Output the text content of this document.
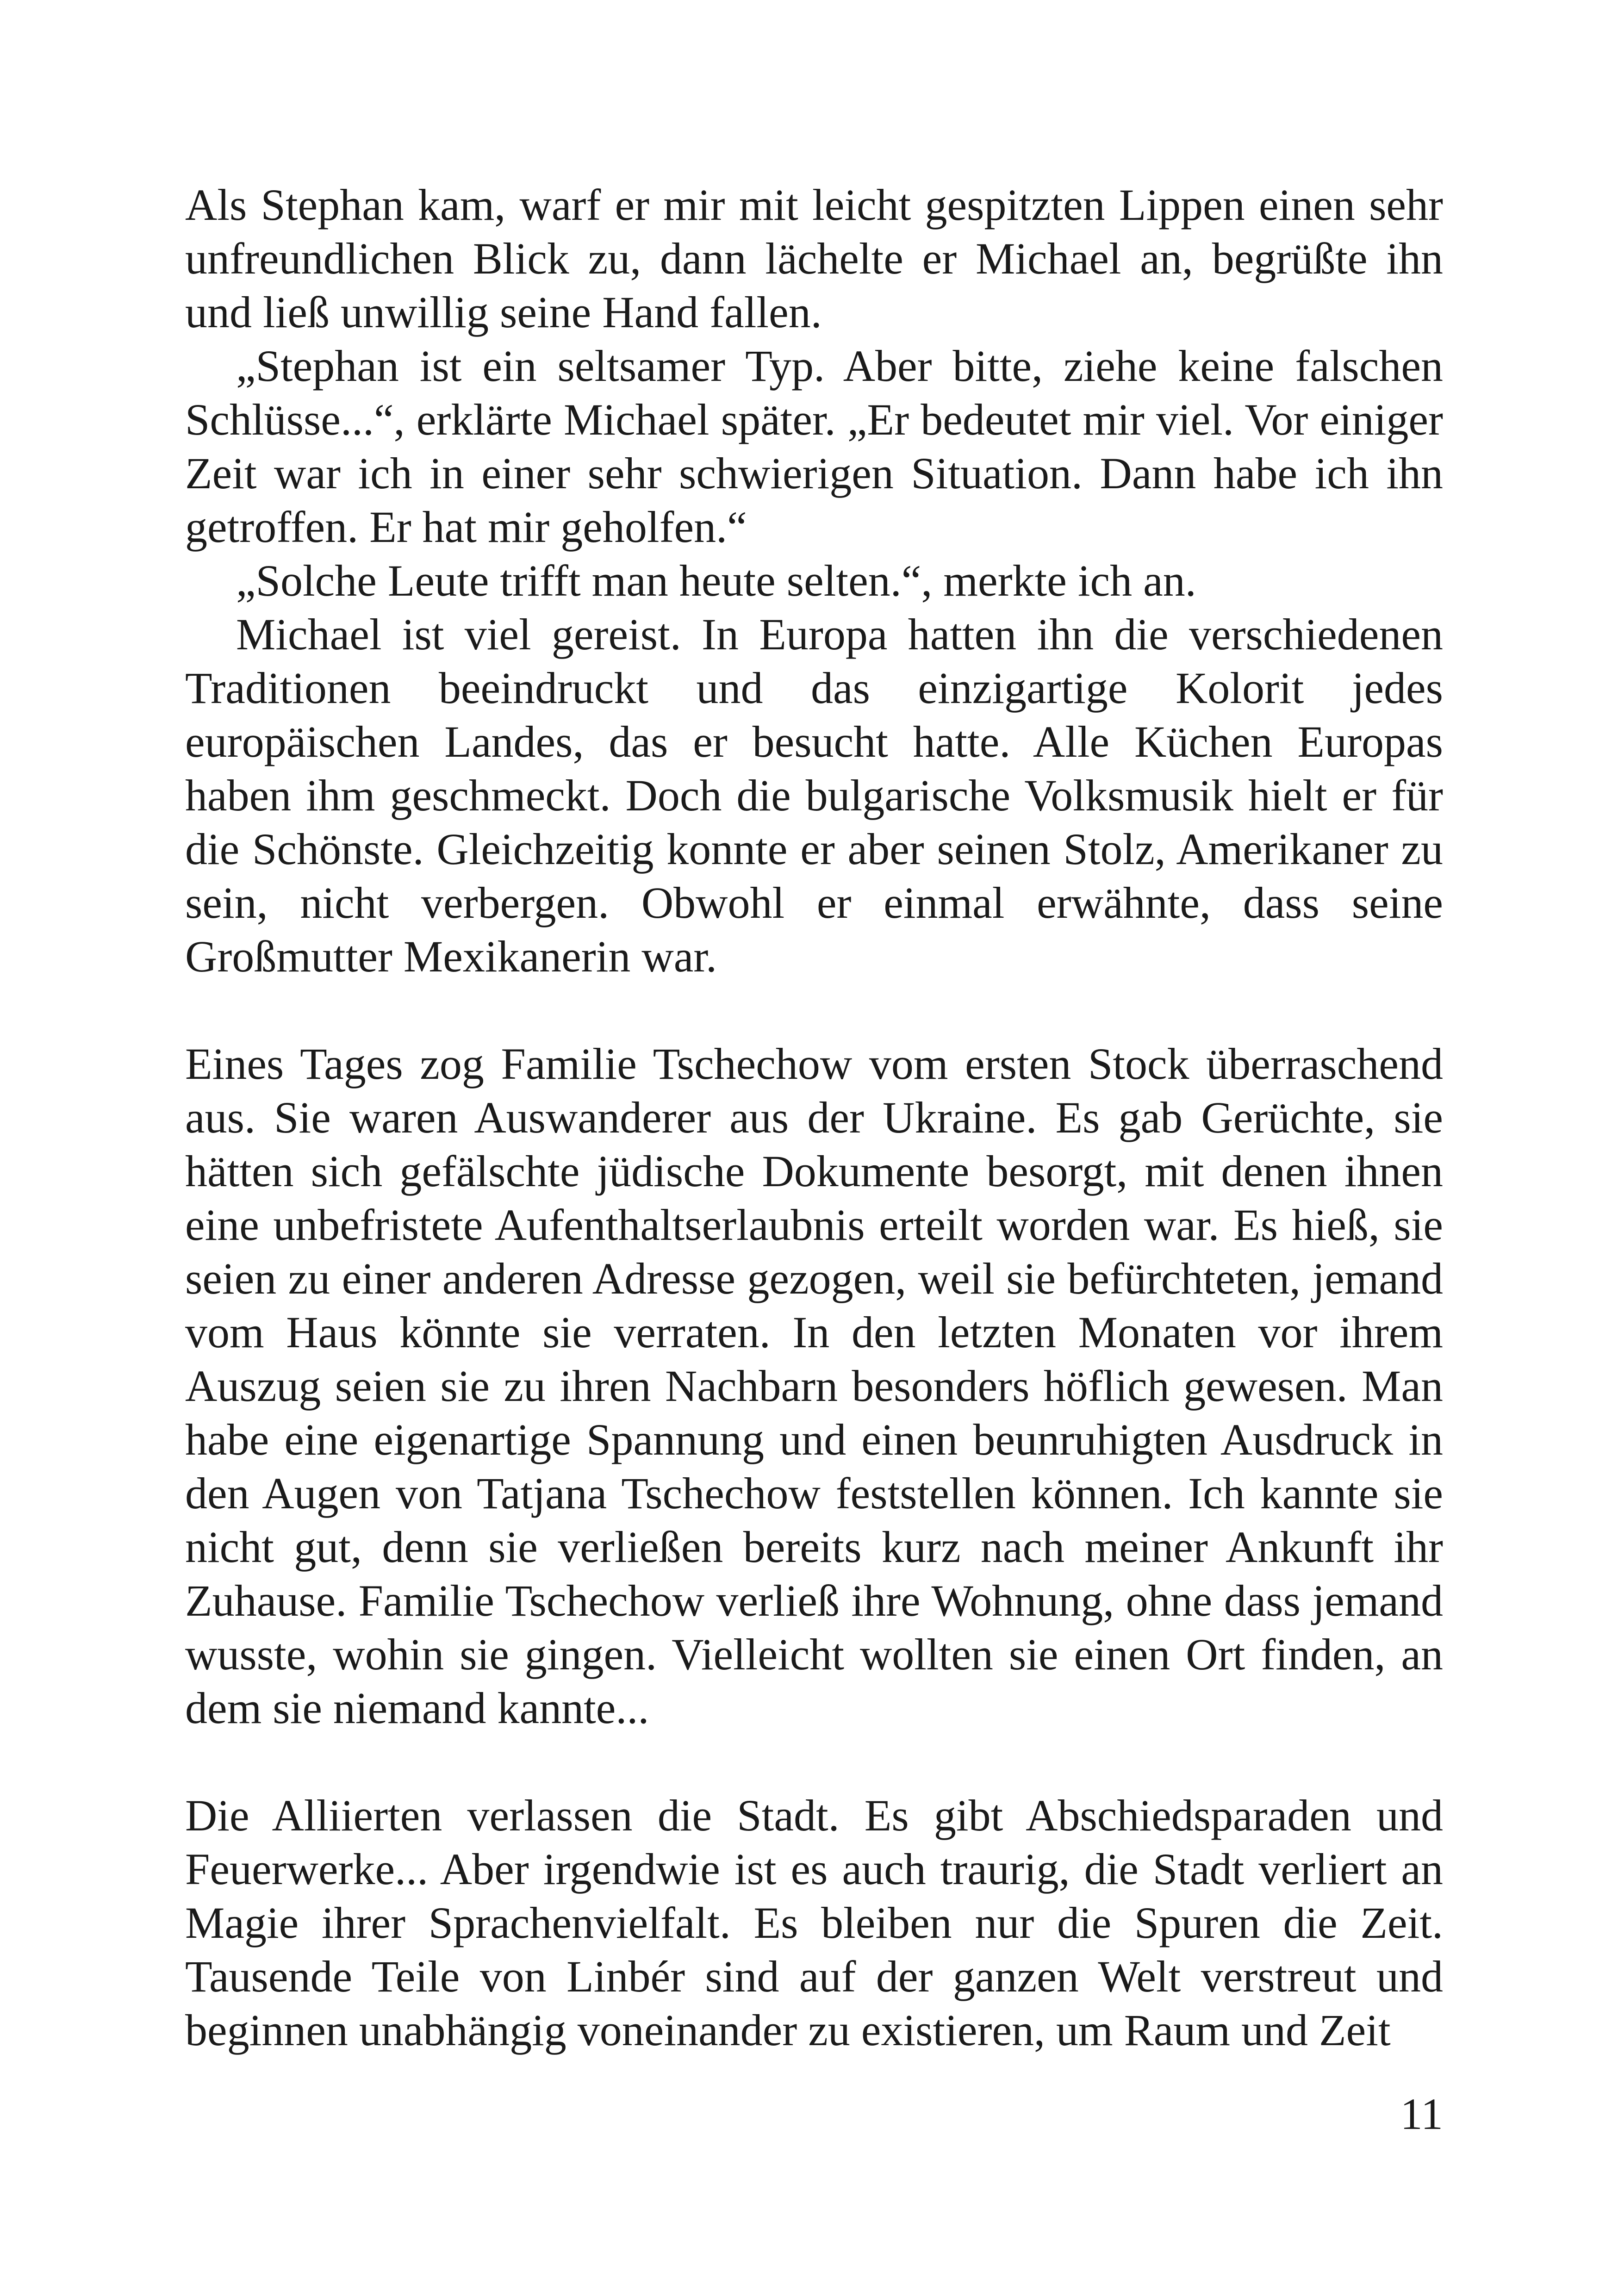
Als Stephan kam, warf er mir mit leicht gespitzten Lippen einen sehr unfreundlichen Blick zu, dann lächelte er Michael an, begrüßte ihn und ließ unwillig seine Hand fallen.

„Stephan ist ein seltsamer Typ. Aber bitte, ziehe keine falschen Schlüsse...“, erklärte Michael später. „Er bedeutet mir viel. Vor einiger Zeit war ich in einer sehr schwierigen Situation. Dann habe ich ihn getroffen. Er hat mir geholfen.“

„Solche Leute trifft man heute selten.“, merkte ich an.

Michael ist viel gereist. In Europa hatten ihn die verschiedenen Traditionen beeindruckt und das einzigartige Kolorit jedes europäischen Landes, das er besucht hatte. Alle Küchen Europas haben ihm geschmeckt. Doch die bulgarische Volksmusik hielt er für die Schönste. Gleichzeitig konnte er aber seinen Stolz, Amerikaner zu sein, nicht verbergen. Obwohl er einmal erwähnte, dass seine Großmutter Mexikanerin war.

Eines Tages zog Familie Tschechow vom ersten Stock überraschend aus. Sie waren Auswanderer aus der Ukraine. Es gab Gerüchte, sie hätten sich gefälschte jüdische Dokumente besorgt, mit denen ihnen eine unbefristete Aufenthaltserlaubnis erteilt worden war. Es hieß, sie seien zu einer anderen Adresse gezogen, weil sie befürchteten, jemand vom Haus könnte sie verraten. In den letzten Monaten vor ihrem Auszug seien sie zu ihren Nachbarn besonders höflich gewesen. Man habe eine eigenartige Spannung und einen beunruhigten Ausdruck in den Augen von Tatjana Tschechow feststellen können. Ich kannte sie nicht gut, denn sie verließen bereits kurz nach meiner Ankunft ihr Zuhause. Familie Tschechow verließ ihre Wohnung, ohne dass jemand wusste, wohin sie gingen. Vielleicht wollten sie einen Ort finden, an dem sie niemand kannte...

Die Alliierten verlassen die Stadt. Es gibt Abschiedsparaden und Feuerwerke... Aber irgendwie ist es auch traurig, die Stadt verliert an Magie ihrer Sprachenvielfalt. Es bleiben nur die Spuren die Zeit. Tausende Teile von Linbér sind auf der ganzen Welt verstreut und beginnen unabhängig voneinander zu existieren, um Raum und Zeit

11
